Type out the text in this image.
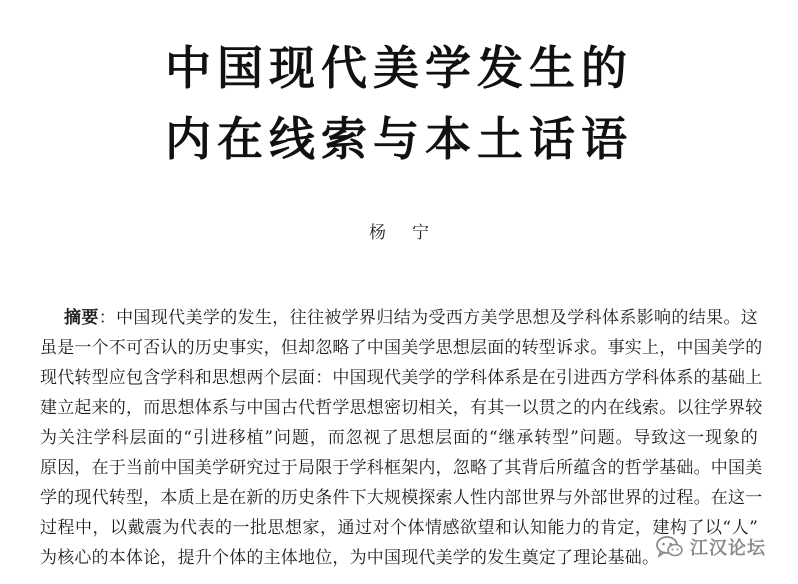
中国现代美学发生的
内在线索与本土话语
杨宁
摘要：中国现代美学的发生，往往被学界归结为受西方美学思想及学科体系影响的结果。这
虽是一个不可否认的历史事实，但却忽略了中国美学思想层面的转型诉求。事实上，中国美学的
现代转型应包含学科和思想两个层面：中国现代美学的学科体系是在引进西方学科体系的基础上
建立起来的，而思想体系与中国古代哲学思想密切相关，有其一以贯之的内在线索。以往学界较
为关注学科层面的“引进移植”问题，而忽视了思想层面的“继承转型”问题。导致这一现象的
原因，在于当前中国美学研究过于局限于学科框架内，忽略了其背后所蕴含的哲学基础。中国美
学的现代转型，本质上是在新的历史条件下大规模探索人性内部世界与外部世界的过程。在这一
过程中，以戴震为代表的一批思想家，通过对个体情感欲望和认知能力的肯定，建构了以“人”
为核心的本体论，提升个体的主体地位，为中国现代美学的发生奠定了理论基础。 江汉论坛
